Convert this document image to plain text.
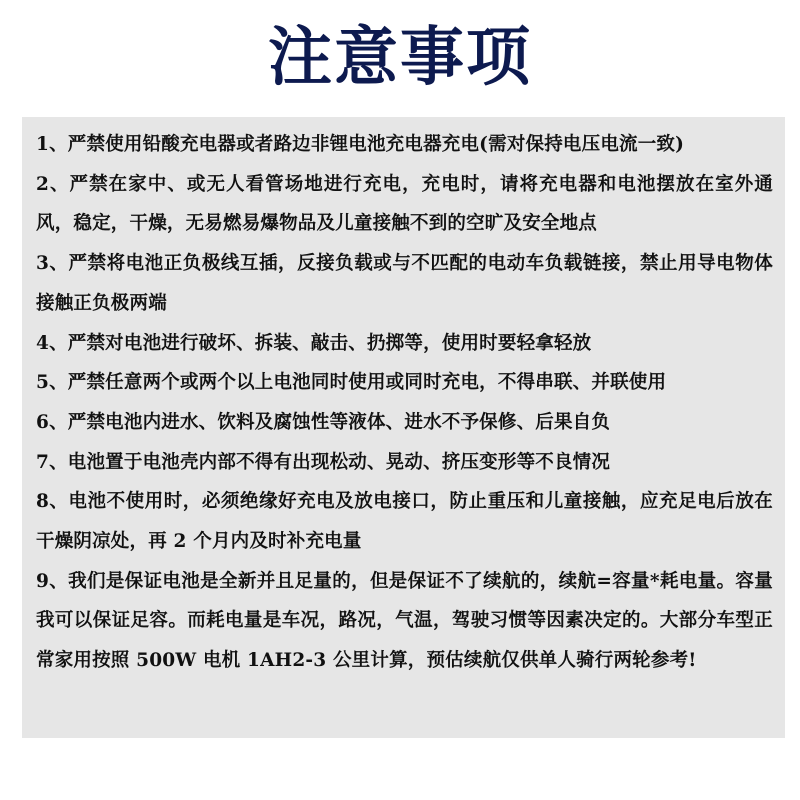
注意事项
1、严禁使用铅酸充电器或者路边非锂电池充电器充电(需对保持电压电流一致)
2、严禁在家中、或无人看管场地进行充电，充电时，请将充电器和电池摆放在室外通风，稳定，干燥，无易燃易爆物品及儿童接触不到的空旷及安全地点
3、严禁将电池正负极线互插，反接负载或与不匹配的电动车负载链接，禁止用导电物体接触正负极两端
4、严禁对电池进行破坏、拆装、敲击、扔掷等，使用时要轻拿轻放
5、严禁任意两个或两个以上电池同时使用或同时充电，不得串联、并联使用
6、严禁电池内进水、饮料及腐蚀性等液体、进水不予保修、后果自负
7、电池置于电池壳内部不得有出现松动、晃动、挤压变形等不良情况
8、电池不使用时，必须绝缘好充电及放电接口，防止重压和儿童接触，应充足电后放在干燥阴凉处，再 2 个月内及时补充电量
9、我们是保证电池是全新并且足量的，但是保证不了续航的，续航=容量*耗电量。容量我可以保证足容。而耗电量是车况，路况，气温，驾驶习惯等因素决定的。大部分车型正常家用按照 500W 电机 1AH2-3 公里计算，预估续航仅供单人骑行两轮参考!
